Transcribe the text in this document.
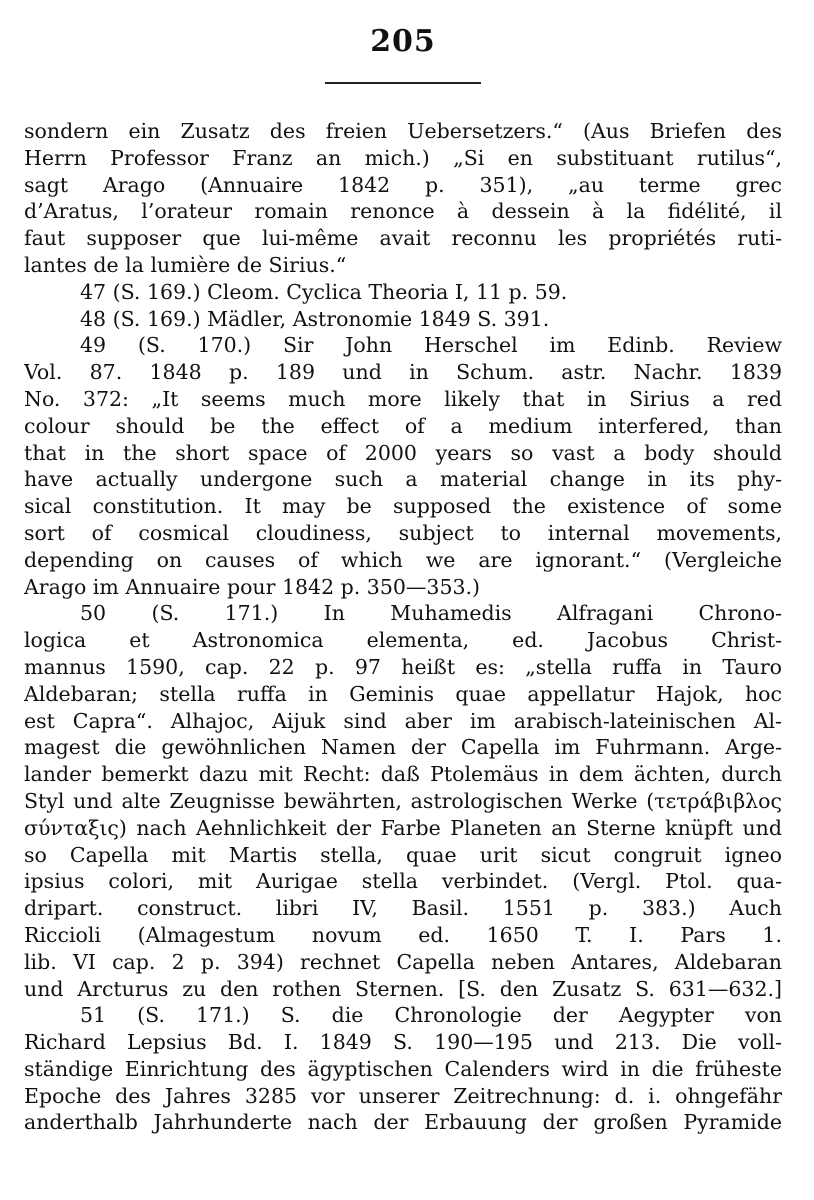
205
sondern ein Zusatz des freien Uebersetzers.“ (Aus Briefen des
Herrn Professor Franz an mich.) „Si en substituant rutilus“,
sagt Arago (Annuaire 1842 p. 351), „au terme grec
d’Aratus, l’orateur romain renonce à dessein à la fidélité, il
faut supposer que lui-même avait reconnu les propriétés ruti-
lantes de la lumière de Sirius.“
47 (S. 169.) Cleom. Cyclica Theoria I, 11 p. 59.
48 (S. 169.) Mädler, Astronomie 1849 S. 391.
49 (S. 170.) Sir John Herschel im Edinb. Review
Vol. 87. 1848 p. 189 und in Schum. astr. Nachr. 1839
No. 372: „It seems much more likely that in Sirius a red
colour should be the effect of a medium interfered, than
that in the short space of 2000 years so vast a body should
have actually undergone such a material change in its phy-
sical constitution. It may be supposed the existence of some
sort of cosmical cloudiness, subject to internal movements,
depending on causes of which we are ignorant.“ (Vergleiche
Arago im Annuaire pour 1842 p. 350—353.)
50 (S. 171.) In Muhamedis Alfragani Chrono-
logica et Astronomica elementa, ed. Jacobus Christ-
mannus 1590, cap. 22 p. 97 heißt es: „stella ruffa in Tauro
Aldebaran; stella ruffa in Geminis quae appellatur Hajok, hoc
est Capra“. Alhajoc, Aijuk sind aber im arabisch-lateinischen Al-
magest die gewöhnlichen Namen der Capella im Fuhrmann. Arge-
lander bemerkt dazu mit Recht: daß Ptolemäus in dem ächten, durch
Styl und alte Zeugnisse bewährten, astrologischen Werke (τετράβιβλος
σύνταξις) nach Aehnlichkeit der Farbe Planeten an Sterne knüpft und
so Capella mit Martis stella, quae urit sicut congruit igneo
ipsius colori, mit Aurigae stella verbindet. (Vergl. Ptol. qua-
dripart. construct. libri IV, Basil. 1551 p. 383.) Auch
Riccioli (Almagestum novum ed. 1650 T. I. Pars 1.
lib. VI cap. 2 p. 394) rechnet Capella neben Antares, Aldebaran
und Arcturus zu den rothen Sternen. [S. den Zusatz S. 631—632.]
51 (S. 171.) S. die Chronologie der Aegypter von
Richard Lepsius Bd. I. 1849 S. 190—195 und 213. Die voll-
ständige Einrichtung des ägyptischen Calenders wird in die früheste
Epoche des Jahres 3285 vor unserer Zeitrechnung: d. i. ohngefähr
anderthalb Jahrhunderte nach der Erbauung der großen Pyramide
